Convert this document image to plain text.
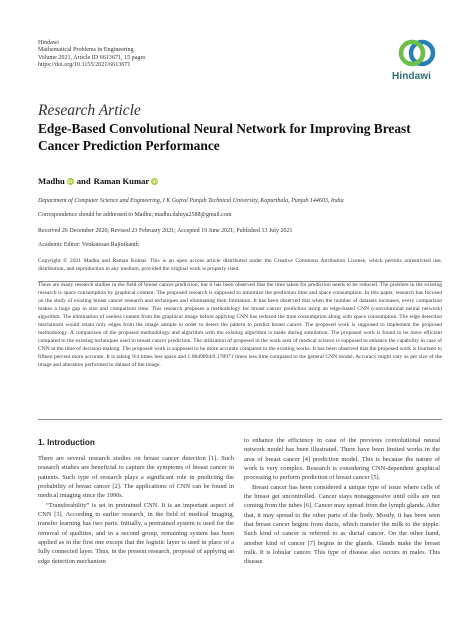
Hindawi
Mathematical Problems in Engineering
Volume 2021, Article ID 6613671, 15 pages
https://doi.org/10.1155/2021/6613671
Hindawi
Research Article
Edge-Based Convolutional Neural Network for Improving Breast Cancer Prediction Performance
Madhu iD and Raman Kumar iD
Department of Computer Science and Engineering, I K Gujral Punjab Technical University, Kapurthala, Punjab 144603, India
Correspondence should be addressed to Madhu; madhu.dahiya2588@gmail.com
Received 26 December 2020; Revised 23 February 2021; Accepted 19 June 2021; Published 13 July 2021
Academic Editor: Venkatesan Rajinikanth
Copyright © 2021 Madhu and Raman Kumar. This is an open access article distributed under the Creative Commons Attribution License, which permits unrestricted use, distribution, and reproduction in any medium, provided the original work is properly cited.
There are many research studies in the field of breast cancer prediction, but it has been observed that the time taken for prediction needs to be reduced. The problem in the existing research is space consumption by graphical content. The proposed research is supposed to minimize the prediction time and space consumption. In this paper, research has focused on the study of existing breast cancer research and techniques and eliminating their limitation. It has been observed that when the number of datasets increases, every comparison makes a huge gap in size and comparison time. This research proposes a methodology for breast cancer prediction using an edge-based CNN (convolutional neural network) algorithm. The elimination of useless content from the graphical image before applying CNN has reduced the time consumption along with space consumption. The edge detection mechanism would retain only edges from the image sample in order to detect the pattern to predict breast cancer. The proposed work is supposed to implement the proposed methodology. A comparison of the proposed methodology and algorithm with the existing algorithm is made during simulation. The proposed work is found to be more efficient compared to the existing techniques used in breast cancer prediction. The utilization of proposed in the work area of medical science is supposed to enhance the capability in case of CNN at the time of decision-making. The proposed work is supposed to be more accurate compared to the existing works. It has been observed that the proposed work is fourteen to fifteen percent more accurate. It is taking 9/4 times less space and 1.0849004/0.178971 times less time compared to the general CNN model. Accuracy might vary as per size of the image and alteration performed in dataset of the image.
1. Introduction

There are several research studies on breast cancer detection [1]. Such research studies are beneficial to capture the symptoms of breast cancer in patients. Such type of research plays a significant role in predicting the probability of breast cancer [2]. The applications of CNN can be found in medical imaging since the 1990s.

“Transferability” is set in pretrained CNN. It is an important aspect of CNN [3]. According to earlier research, in the field of medical imaging, transfer learning has two parts. Initially, a pretrained system is used for the removal of qualities, and in a second group, remaining system has been applied as in the first one except that the logistic layer is used in place of a fully connected layer. Thus, in the present research, proposal of applying an edge detection mechanism

to enhance the efficiency in case of the previous convolutional neural network model has been illustrated. There have been limited works in the area of breast cancer [4] prediction model. This is because the nature of work is very complex. Research is considering CNN-dependent graphical processing to perform prediction of breast cancer [5].

Breast cancer has been considered a unique type of issue where cells of the breast get uncontrolled. Cancer stays nonaggressive until cells are not coming from the tubes [6]. Cancer may spread from the lymph glands. After that, it may spread to the other parts of the body. Mostly, it has been seen that breast cancer begins from ducts, which transfer the milk to the nipple. Such kind of cancer is referred to as ductal cancer. On the other hand, another kind of cancer [7] begins in the glands. Glands make the breast milk. It is lobular cancer. This type of disease also occurs in males. This disease
